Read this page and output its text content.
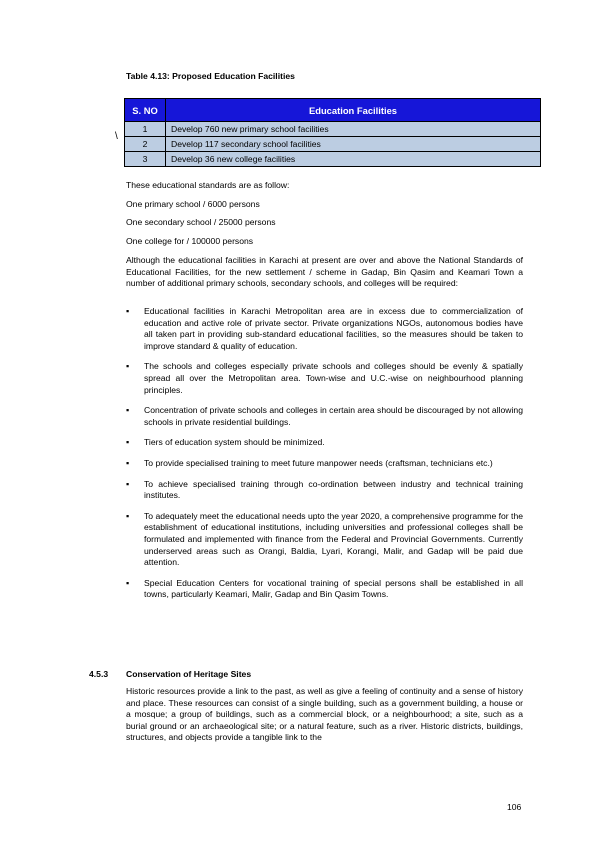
Table 4.13: Proposed Education Facilities
S. NO	Education Facilities
1	Develop 760 new primary school facilities
2	Develop 117 secondary school facilities
3	Develop 36 new college facilities
\
These educational standards are as follow:
One primary school / 6000 persons
One secondary school / 25000 persons
One college for / 100000 persons
Although the educational facilities in Karachi at present are over and above the National Standards of Educational Facilities, for the new settlement / scheme in Gadap, Bin Qasim and Keamari Town a number of additional primary schools, secondary schools, and colleges will be required:
▪ Educational facilities in Karachi Metropolitan area are in excess due to commercialization of education and active role of private sector. Private organizations NGOs, autonomous bodies have all taken part in providing sub-standard educational facilities, so the measures should be taken to improve standard & quality of education.
▪ The schools and colleges especially private schools and colleges should be evenly & spatially spread all over the Metropolitan area. Town-wise and U.C.-wise on neighbourhood planning principles.
▪ Concentration of private schools and colleges in certain area should be discouraged by not allowing schools in private residential buildings.
▪ Tiers of education system should be minimized.
▪ To provide specialised training to meet future manpower needs (craftsman, technicians etc.)
▪ To achieve specialised training through co-ordination between industry and technical training institutes.
▪ To adequately meet the educational needs upto the year 2020, a comprehensive programme for the establishment of educational institutions, including universities and professional colleges shall be formulated and implemented with finance from the Federal and Provincial Governments. Currently underserved areas such as Orangi, Baldia, Lyari, Korangi, Malir, and Gadap will be paid due attention.
▪ Special Education Centers for vocational training of special persons shall be established in all towns, particularly Keamari, Malir, Gadap and Bin Qasim Towns.
4.5.3 Conservation of Heritage Sites
Historic resources provide a link to the past, as well as give a feeling of continuity and a sense of history and place. These resources can consist of a single building, such as a government building, a house or a mosque; a group of buildings, such as a commercial block, or a neighbourhood; a site, such as a burial ground or an archaeological site; or a natural feature, such as a river. Historic districts, buildings, structures, and objects provide a tangible link to the
106
